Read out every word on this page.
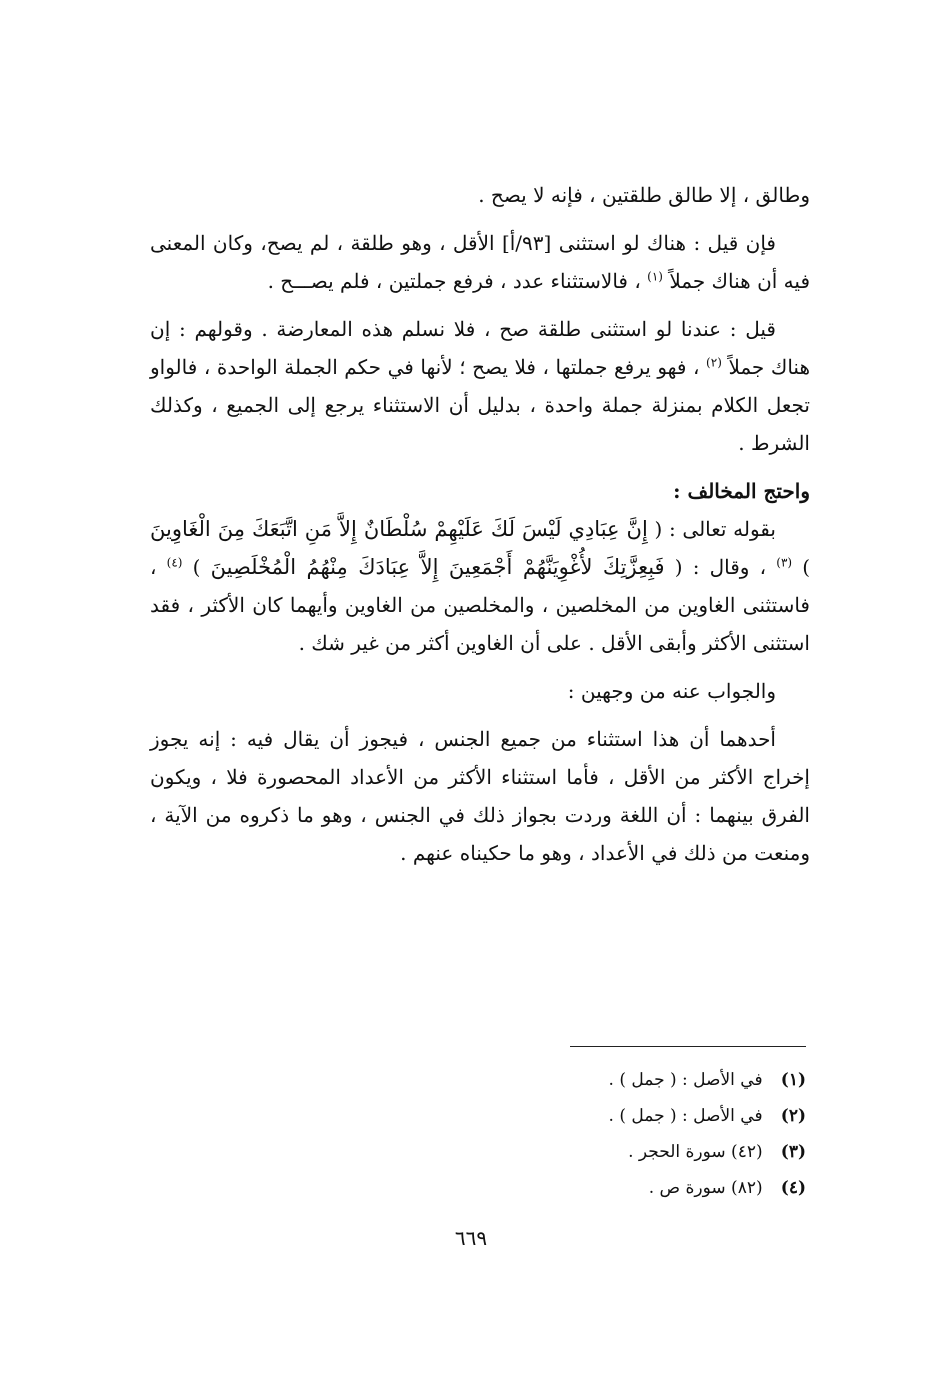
وطالق ، إلا طالق طلقتين ، فإنه لا يصح .

فإن قيل : هناك لو استثنى [٩٣/أ] الأقل ، وهو طلقة ، لم يصح، وكان المعنى فيه أن هناك جملاً $^{(١)}$ ، فالاستثناء عدد ، فرفع جملتين ، فلم يصـــح .

قيل : عندنا لو استثنى طلقة صح ، فلا نسلم هذه المعارضة . وقولهم : إن هناك جملاً $^{(٢)}$ ، فهو يرفع جملتها ، فلا يصح ؛ لأنها في حكم الجملة الواحدة ، فالواو تجعل الكلام بمنزلة جملة واحدة ، بدليل أن الاستثناء يرجع إلى الجميع ، وكذلك الشرط .

واحتج المخالف :

بقوله تعالى : ( إِنَّ عِبَادِي لَيْسَ لَكَ عَلَيْهِمْ سُلْطَانٌ إِلاَّ مَنِ اتَّبَعَكَ مِنَ الْغَاوِينَ ) $^{(٣)}$ ، وقال : ( فَبِعِزَّتِكَ لأُغْوِيَنَّهُمْ أَجْمَعِينَ إِلاَّ عِبَادَكَ مِنْهُمُ الْمُخْلَصِينَ ) $^{(٤)}$ ، فاستثنى الغاوين من المخلصين ، والمخلصين من الغاوين وأيهما كان الأكثر ، فقد استثنى الأكثر وأبقى الأقل . على أن الغاوين أكثر من غير شك .

والجواب عنه من وجهين :

أحدهما أن هذا استثناء من جميع الجنس ، فيجوز أن يقال فيه : إنه يجوز إخراج الأكثر من الأقل ، فأما استثناء الأكثر من الأعداد المحصورة فلا ، ويكون الفرق بينهما : أن اللغة وردت بجواز ذلك في الجنس ، وهو ما ذكروه من الآية ، ومنعت من ذلك في الأعداد ، وهو ما حكيناه عنهم .

(١) في الأصل : ( جمل ) .
(٢) في الأصل : ( جمل ) .
(٣) (٤٢) سورة الحجر .
(٤) (٨٢) سورة ص .
٦٦٩
